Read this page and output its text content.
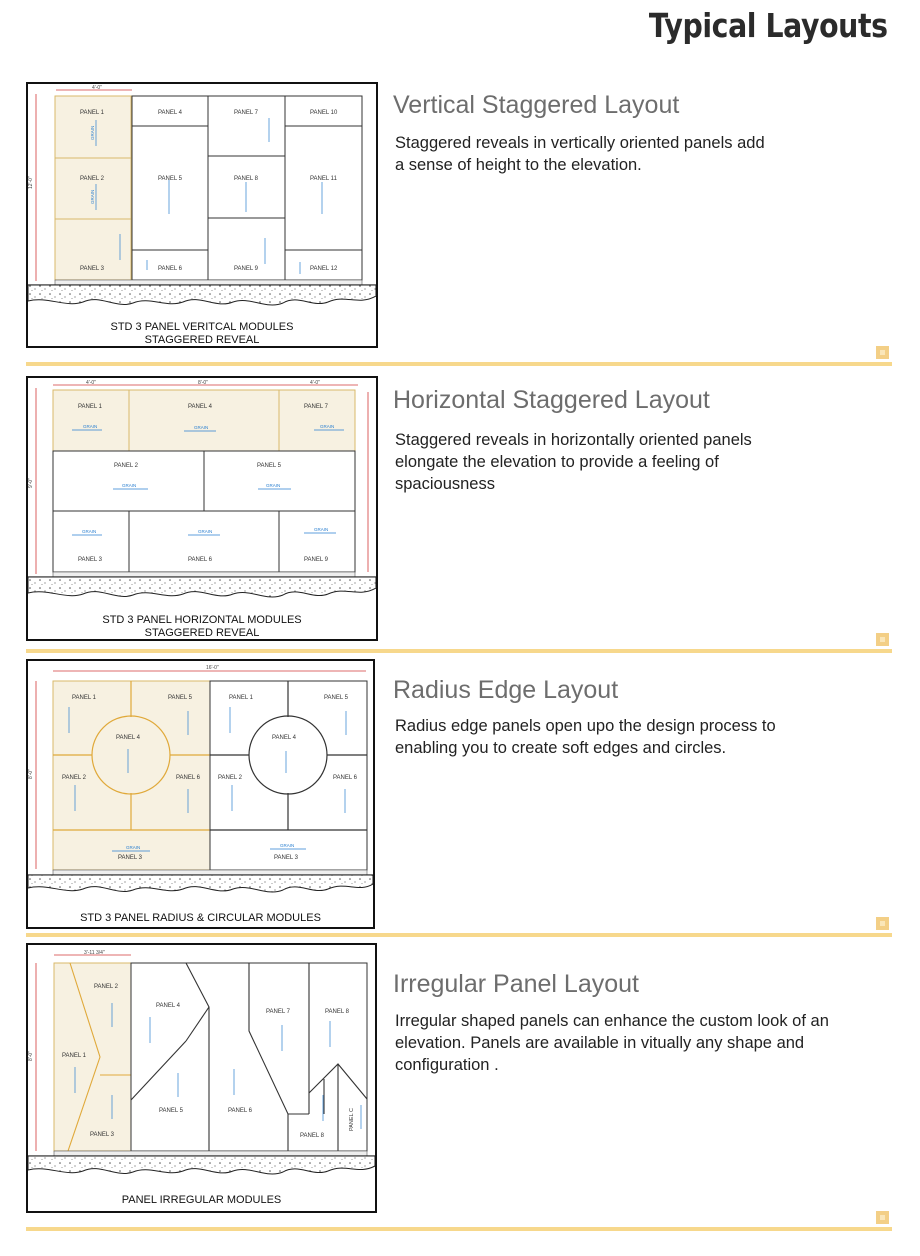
Typical Layouts
4'-0"
12'-0"
PANEL 1
PANEL 2
PANEL 3
PANEL 4
PANEL 5
PANEL 6
PANEL 7
PANEL 8
PANEL 9
PANEL 10
PANEL 11
PANEL 12
GRAIN
GRAIN
STD 3 PANEL VERITCAL MODULES
STAGGERED REVEAL
Vertical Staggered Layout
Staggered reveals in vertically oriented panels add a sense of height to the elevation.
4'-0"	8'-0"	4'-0"
9'-0"
PANEL 1	PANEL 4	PANEL 7
PANEL 2	PANEL 5
PANEL 3	PANEL 6	PANEL 9
GRAIN	GRAIN	GRAIN
GRAIN	GRAIN
GRAIN	GRAIN	GRAIN
STD 3 PANEL HORIZONTAL MODULES
STAGGERED REVEAL
Horizontal Staggered Layout
Staggered reveals in horizontally oriented panels elongate the elevation to provide a feeling of spaciousness
16'-0"
8'-0"
PANEL 1	PANEL 5
PANEL 4
PANEL 2	PANEL 6
PANEL 3
PANEL 1	PANEL 5
PANEL 4
PANEL 2	PANEL 6
PANEL 3
GRAIN	GRAIN
STD 3 PANEL RADIUS & CIRCULAR MODULES
Radius Edge Layout
Radius edge panels open upo the design process to enabling you to create soft edges and circles.
3'-11 3/4"
8'-0"
PANEL 2
PANEL 1
PANEL 3
PANEL 4
PANEL 5	PANEL 6
PANEL 7	PANEL 8
PANEL 8
PANEL C
PANEL IRREGULAR MODULES
Irregular Panel Layout
Irregular shaped panels can enhance the custom look of an elevation. Panels are available in vitually any shape and configuration .
